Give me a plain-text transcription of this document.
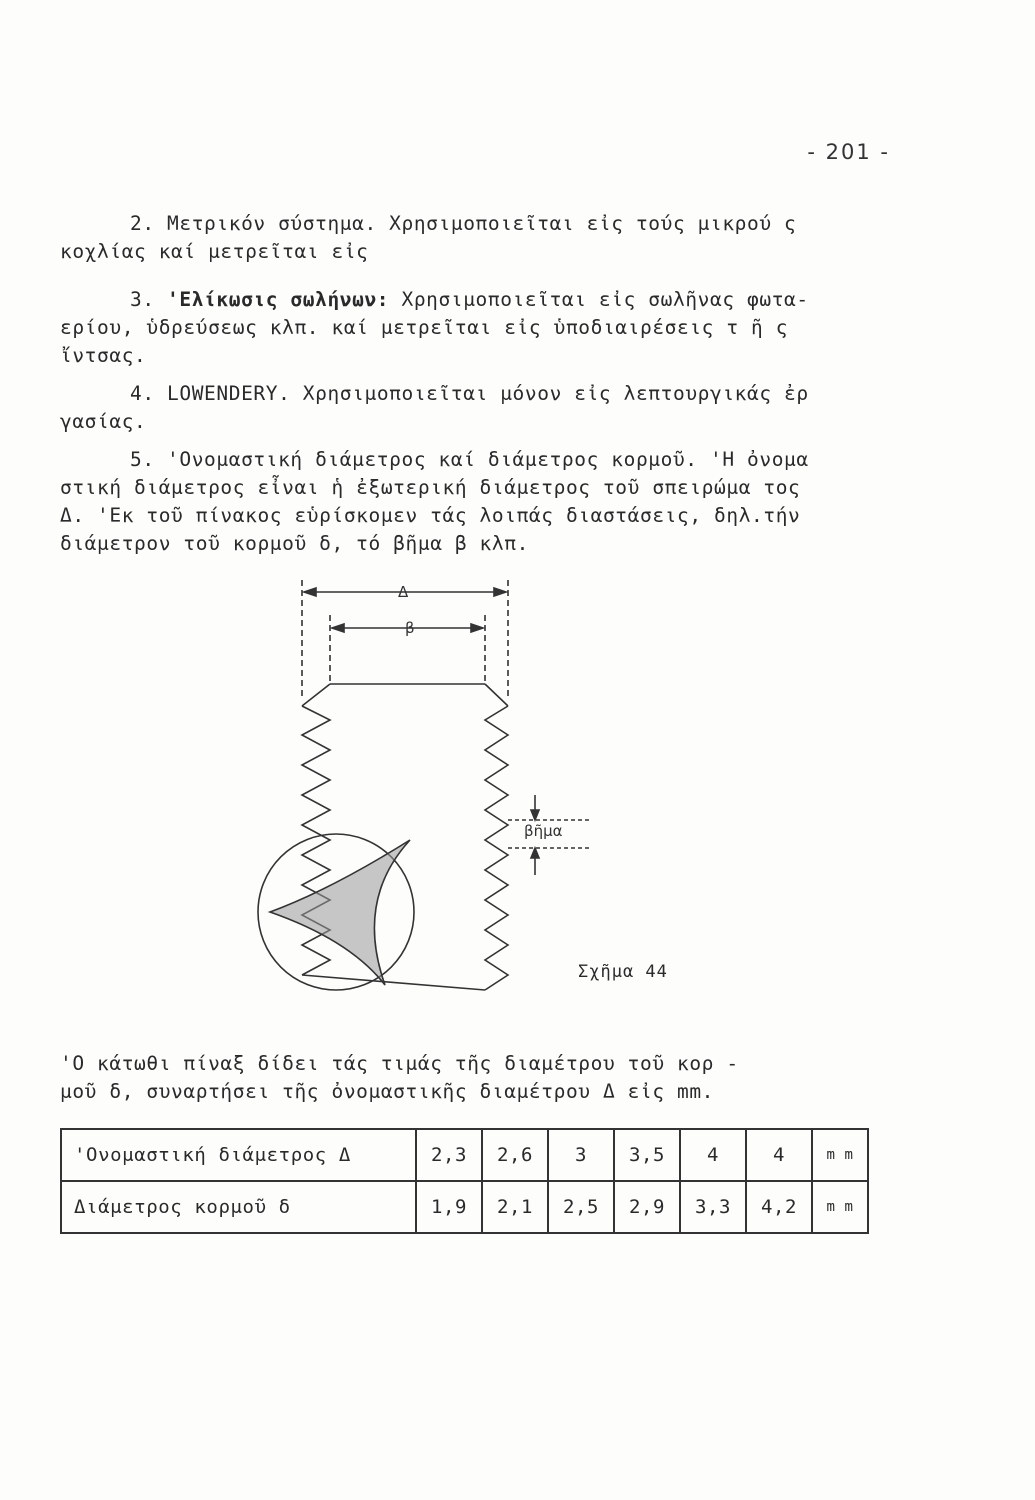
- 201 -
2. Μετρικόν σύστημα. Χρησιμοποιεῖται εἰς τούς μικρού ς
κοχλίας καί μετρεῖται εἰς
3. 'Ελίκωσις σωλήνων: Χρησιμοποιεῖται εἰς σωλῆνας φωτα-
ερίου, ὑδρεύσεως κλπ. καί μετρεῖται εἰς ὑποδιαιρέσεις τ ῆ ς
ἴντσας.
4. LOWENDERY. Χρησιμοποιεῖται μόνον εἰς λεπτουργικάς ἐρ
γασίας.
5. 'Ονομαστική διάμετρος καί διάμετρος κορμοῦ. 'Η ὀνομα
στική διάμετρος εἶναι ἡ ἐξωτερική διάμετρος τοῦ σπειρώμα τος
Δ. 'Εκ τοῦ πίνακος εὑρίσκομεν τάς λοιπάς διαστάσεις, δηλ.τήν
διάμετρον τοῦ κορμοῦ δ, τό βῆμα β κλπ.
Δ
β
βῆμα
Σχῆμα 44
'Ο κάτωθι πίναξ δίδει τάς τιμάς τῆς διαμέτρου τοῦ κορ -
μοῦ δ, συναρτήσει τῆς ὀνομαστικῆς διαμέτρου Δ εἰς mm.
'Ονομαστική διάμετρος Δ	2,3	2,6	3	3,5	4	4	m m
Διάμετρος κορμοῦ δ	1,9	2,1	2,5	2,9	3,3	4,2	m m
